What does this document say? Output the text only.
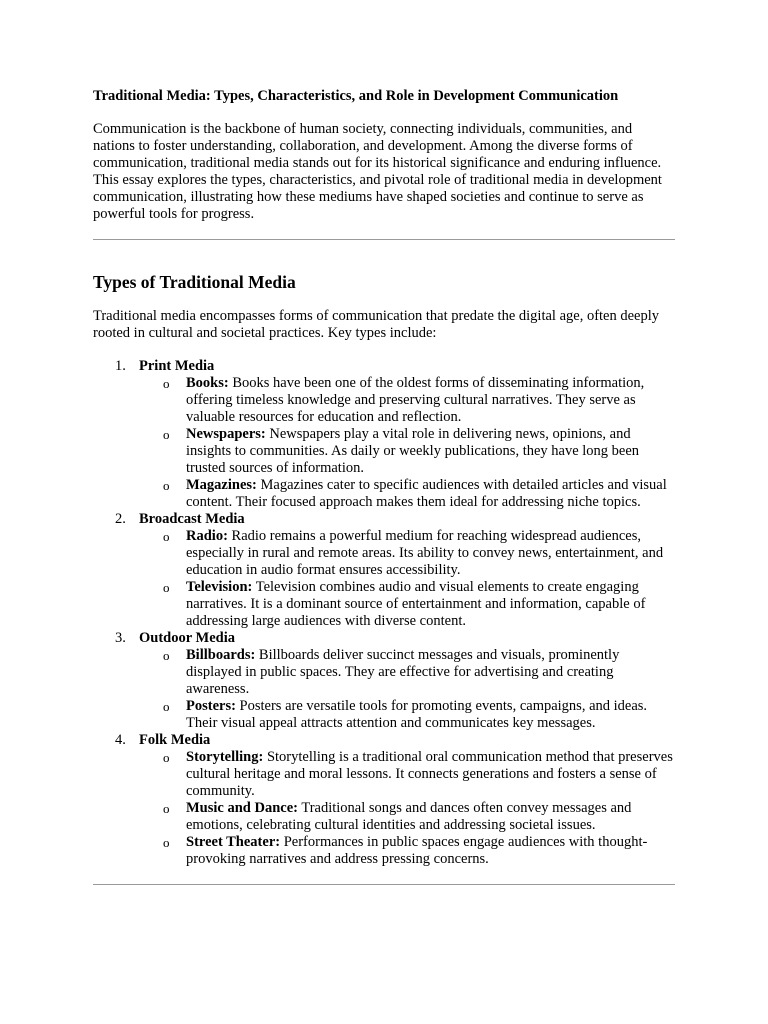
Traditional Media: Types, Characteristics, and Role in Development Communication

Communication is the backbone of human society, connecting individuals, communities, and nations to foster understanding, collaboration, and development. Among the diverse forms of communication, traditional media stands out for its historical significance and enduring influence. This essay explores the types, characteristics, and pivotal role of traditional media in development communication, illustrating how these mediums have shaped societies and continue to serve as powerful tools for progress.

Types of Traditional Media

Traditional media encompasses forms of communication that predate the digital age, often deeply rooted in cultural and societal practices. Key types include:

1. Print Media
o Books: Books have been one of the oldest forms of disseminating information, offering timeless knowledge and preserving cultural narratives. They serve as valuable resources for education and reflection.
o Newspapers: Newspapers play a vital role in delivering news, opinions, and insights to communities. As daily or weekly publications, they have long been trusted sources of information.
o Magazines: Magazines cater to specific audiences with detailed articles and visual content. Their focused approach makes them ideal for addressing niche topics.
2. Broadcast Media
o Radio: Radio remains a powerful medium for reaching widespread audiences, especially in rural and remote areas. Its ability to convey news, entertainment, and education in audio format ensures accessibility.
o Television: Television combines audio and visual elements to create engaging narratives. It is a dominant source of entertainment and information, capable of addressing large audiences with diverse content.
3. Outdoor Media
o Billboards: Billboards deliver succinct messages and visuals, prominently displayed in public spaces. They are effective for advertising and creating awareness.
o Posters: Posters are versatile tools for promoting events, campaigns, and ideas. Their visual appeal attracts attention and communicates key messages.
4. Folk Media
o Storytelling: Storytelling is a traditional oral communication method that preserves cultural heritage and moral lessons. It connects generations and fosters a sense of community.
o Music and Dance: Traditional songs and dances often convey messages and emotions, celebrating cultural identities and addressing societal issues.
o Street Theater: Performances in public spaces engage audiences with thought-provoking narratives and address pressing concerns.
